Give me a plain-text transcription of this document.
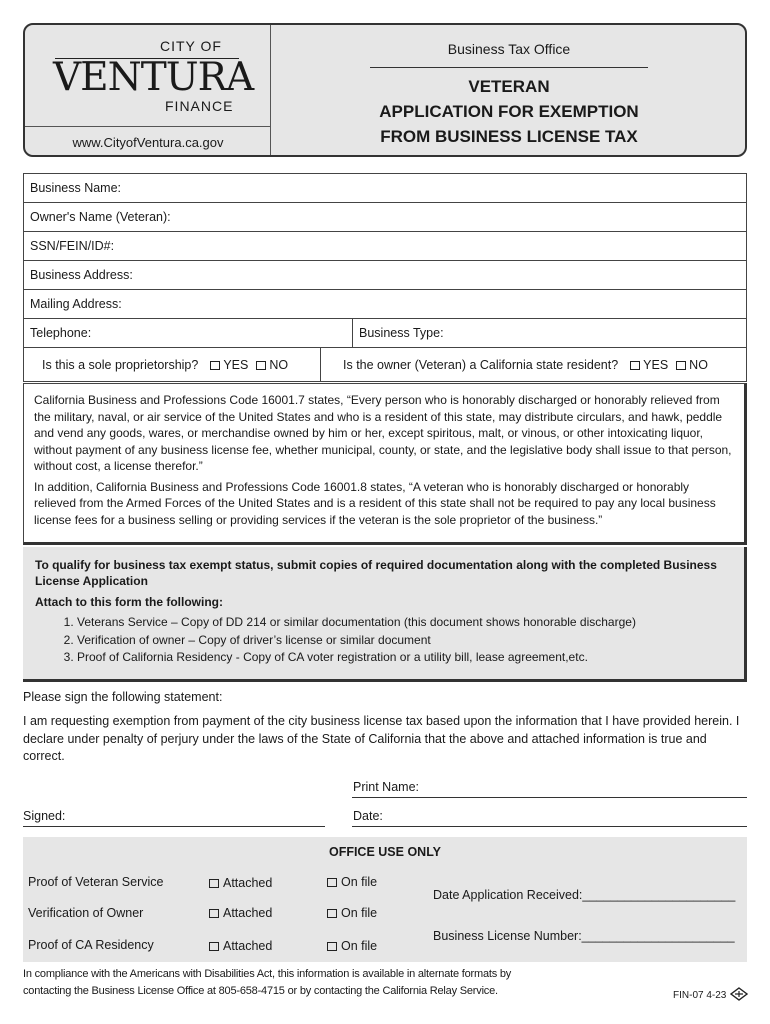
CITY OF
VENTURA
FINANCE
www.CityofVentura.ca.gov
Business Tax Office
VETERAN
APPLICATION FOR EXEMPTION
FROM BUSINESS LICENSE TAX
Business Name:
Owner's Name (Veteran):
SSN/FEIN/ID#:
Business Address:
Mailing Address:
Telephone:	Business Type:
Is this a sole proprietorship? YES NO	Is the owner (Veteran) a California state resident? YES NO

California Business and Professions Code 16001.7 states, “Every person who is honorably discharged or honorably relieved from the military, naval, or air service of the United States and who is a resident of this state, may distribute circulars, and hawk, peddle and vend any goods, wares, or merchandise owned by him or her, except spiritous, malt, or vinous, or other intoxicating liquor, without payment of any business license fee, whether municipal, county, or state, and the legislative body shall issue to that person, without cost, a license therefor.”

In addition, California Business and Professions Code 16001.8 states, “A veteran who is honorably discharged or honorably relieved from the Armed Forces of the United States and is a resident of this state shall not be required to pay any local business license fees for a business selling or providing services if the veteran is the sole proprietor of the business.”

To qualify for business tax exempt status, submit copies of required documentation along with the completed Business License Application
Attach to this form the following:
1. Veterans Service – Copy of DD 214 or similar documentation (this document shows honorable discharge)
2. Verification of owner – Copy of driver’s license or similar document
3. Proof of California Residency - Copy of CA voter registration or a utility bill, lease agreement,etc.
Please sign the following statement:
I am requesting exemption from payment of the city business license tax based upon the information that I have provided herein. I declare under penalty of perjury under the laws of the State of California that the above and attached information is true and correct.
Print Name:
Signed:	Date:
OFFICE USE ONLY
Proof of Veteran Service	Attached	On file
Verification of Owner	Attached	On file
Proof of CA Residency	Attached	On file
Date Application Received:______________________
Business License Number:______________________
In compliance with the Americans with Disabilities Act, this information is available in alternate formats by
contacting the Business License Office at 805-658-4715 or by contacting the California Relay Service.	FIN-07 4-23
